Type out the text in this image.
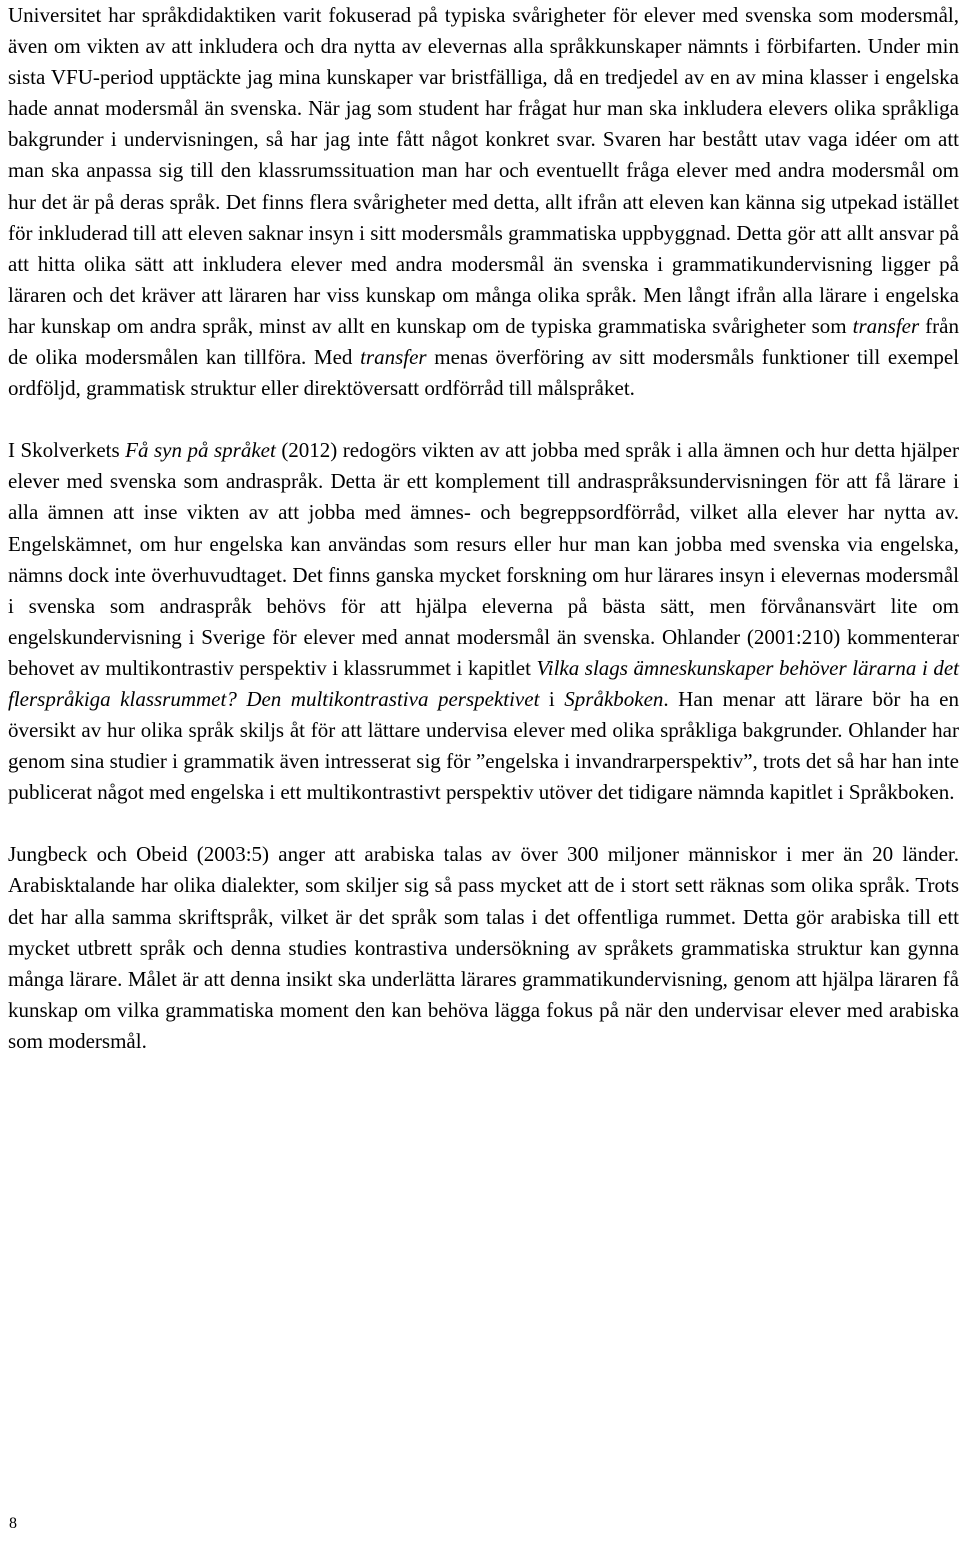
Universitet har språkdidaktiken varit fokuserad på typiska svårigheter för elever med svenska som modersmål, även om vikten av att inkludera och dra nytta av elevernas alla språkkunskaper nämnts i förbifarten. Under min sista VFU-period upptäckte jag mina kunskaper var bristfälliga, då en tredjedel av en av mina klasser i engelska hade annat modersmål än svenska. När jag som student har frågat hur man ska inkludera elevers olika språkliga bakgrunder i undervisningen, så har jag inte fått något konkret svar. Svaren har bestått utav vaga idéer om att man ska anpassa sig till den klassrumssituation man har och eventuellt fråga elever med andra modersmål om hur det är på deras språk. Det finns flera svårigheter med detta, allt ifrån att eleven kan känna sig utpekad istället för inkluderad till att eleven saknar insyn i sitt modersmåls grammatiska uppbyggnad. Detta gör att allt ansvar på att hitta olika sätt att inkludera elever med andra modersmål än svenska i grammatikundervisning ligger på läraren och det kräver att läraren har viss kunskap om många olika språk. Men långt ifrån alla lärare i engelska har kunskap om andra språk, minst av allt en kunskap om de typiska grammatiska svårigheter som transfer från de olika modersmålen kan tillföra. Med transfer menas överföring av sitt modersmåls funktioner till exempel ordföljd, grammatisk struktur eller direktöversatt ordförråd till målspråket.

I Skolverkets Få syn på språket (2012) redogörs vikten av att jobba med språk i alla ämnen och hur detta hjälper elever med svenska som andraspråk. Detta är ett komplement till andraspråksundervisningen för att få lärare i alla ämnen att inse vikten av att jobba med ämnes- och begreppsordförråd, vilket alla elever har nytta av. Engelskämnet, om hur engelska kan användas som resurs eller hur man kan jobba med svenska via engelska, nämns dock inte överhuvudtaget. Det finns ganska mycket forskning om hur lärares insyn i elevernas modersmål i svenska som andraspråk behövs för att hjälpa eleverna på bästa sätt, men förvånansvärt lite om engelskundervisning i Sverige för elever med annat modersmål än svenska. Ohlander (2001:210) kommenterar behovet av multikontrastiv perspektiv i klassrummet i kapitlet Vilka slags ämneskunskaper behöver lärarna i det flerspråkiga klassrummet? Den multikontrastiva perspektivet i Språkboken. Han menar att lärare bör ha en översikt av hur olika språk skiljs åt för att lättare undervisa elever med olika språkliga bakgrunder. Ohlander har genom sina studier i grammatik även intresserat sig för ”engelska i invandrarperspektiv”, trots det så har han inte publicerat något med engelska i ett multikontrastivt perspektiv utöver det tidigare nämnda kapitlet i Språkboken.

Jungbeck och Obeid (2003:5) anger att arabiska talas av över 300 miljoner människor i mer än 20 länder. Arabisktalande har olika dialekter, som skiljer sig så pass mycket att de i stort sett räknas som olika språk. Trots det har alla samma skriftspråk, vilket är det språk som talas i det offentliga rummet. Detta gör arabiska till ett mycket utbrett språk och denna studies kontrastiva undersökning av språkets grammatiska struktur kan gynna många lärare. Målet är att denna insikt ska underlätta lärares grammatikundervisning, genom att hjälpa läraren få kunskap om vilka grammatiska moment den kan behöva lägga fokus på när den undervisar elever med arabiska som modersmål.

8
